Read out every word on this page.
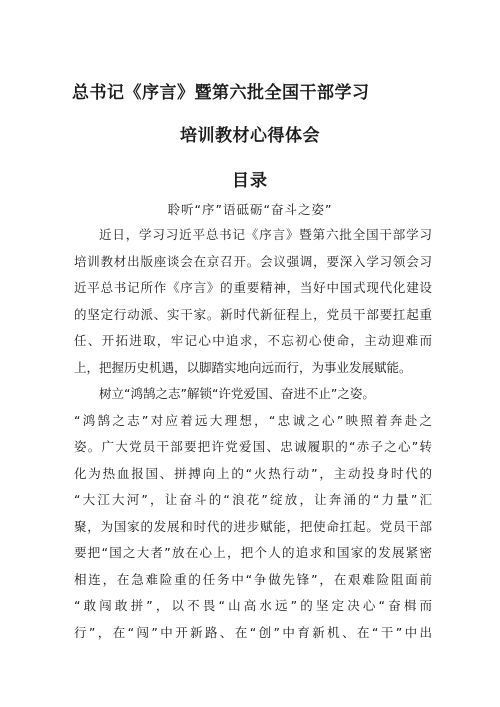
总书记《序言》暨第六批全国干部学习
培训教材心得体会
目录
聆听“序”语砥砺“奋斗之姿”
近日，学习习近平总书记《序言》暨第六批全国干部学习
培训教材出版座谈会在京召开。会议强调，要深入学习领会习
近平总书记所作《序言》的重要精神，当好中国式现代化建设
的坚定行动派、实干家。新时代新征程上，党员干部要扛起重
任、开拓进取，牢记心中追求，不忘初心使命，主动迎难而
上，把握历史机遇，以脚踏实地向远而行，为事业发展赋能。
树立“鸿鹄之志”解锁“许党爱国、奋进不止”之姿。
“鸿鹄之志”对应着远大理想，“忠诚之心”映照着奔赴之
姿。广大党员干部要把许党爱国、忠诚履职的“赤子之心”转
化为热血报国、拼搏向上的“火热行动”，主动投身时代的
“大江大河”，让奋斗的“浪花”绽放，让奔涌的“力量”汇
聚，为国家的发展和时代的进步赋能，把使命扛起。党员干部
要把“国之大者”放在心上，把个人的追求和国家的发展紧密
相连，在急难险重的任务中“争做先锋”，在艰难险阻面前
“敢闯敢拼”，以不畏“山高水远”的坚定决心“奋楫而
行”，在“闯”中开新路、在“创”中育新机、在“干”中出
